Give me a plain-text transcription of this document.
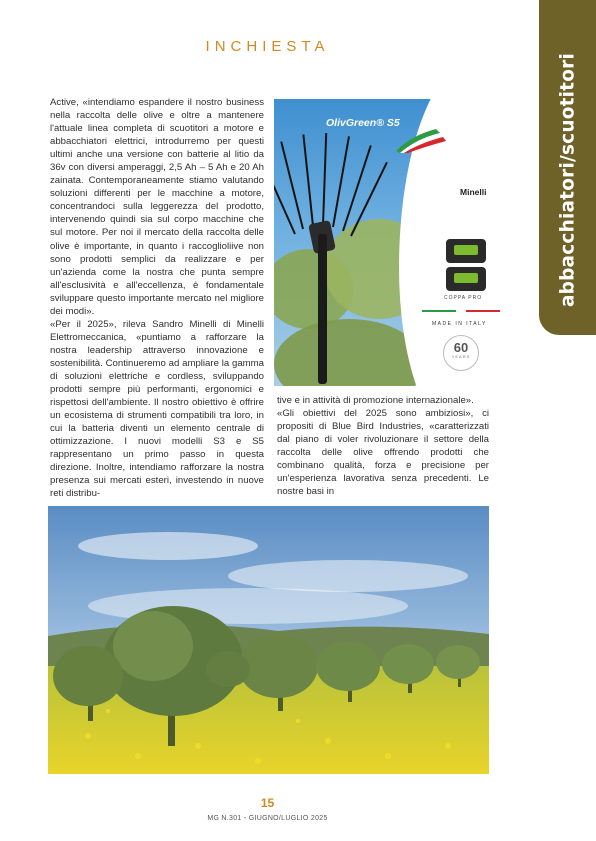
INCHIESTA
abbacchiatori/scuotitori

Active, «intendiamo espandere il nostro business nella raccolta delle olive e oltre a mantenere l'attuale linea completa di scuotitori a motore e abbacchiatori elettrici, introdurremo per questi ultimi anche una versione con batterie al litio da 36v con diversi amperaggi, 2,5 Ah – 5 Ah e 20 Ah zainata. Contemporaneamente stiamo valutando soluzioni differenti per le macchine a motore, concentrandoci sulla leggerezza del prodotto, intervenendo quindi sia sul corpo macchine che sul motore. Per noi il mercato della raccolta delle olive è importante, in quanto i raccoglioliive non sono prodotti semplici da realizzare e per un'azienda come la nostra che punta sempre all'esclusività e all'eccellenza, è fondamentale sviluppare questo importante mercato nel migliore dei modi».

«Per il 2025», rileva Sandro Minelli di Minelli Elettromeccanica, «puntiamo a rafforzare la nostra leadership attraverso innovazione e sostenibilità. Continueremo ad ampliare la gamma di soluzioni elettriche e cordless, sviluppando prodotti sempre più performanti, ergonomici e rispettosi dell'ambiente. Il nostro obiettivo è offrire un ecosistema di strumenti compatibili tra loro, in cui la batteria diventi un elemento centrale di ottimizzazione. I nuovi modelli S3 e S5 rappresentano un primo passo in questa direzione. Inoltre, intendiamo rafforzare la nostra presenza sui mercati esteri, investendo in nuove reti distribu-

OlivGreen® S5
Minelli
COPPA PRO
MADE IN ITALY
60
YEARS

tive e in attività di promozione internazionale».

«Gli obiettivi del 2025 sono ambiziosi», ci propositi di Blue Bird Industries, «caratterizzati dal piano di voler rivoluzionare il settore della raccolta delle olive offrendo prodotti che combinano qualità, forza e precisione per un'esperienza lavorativa senza precedenti. Le nostre basi in

15
MG N.301 - GIUGNO/LUGLIO 2025
